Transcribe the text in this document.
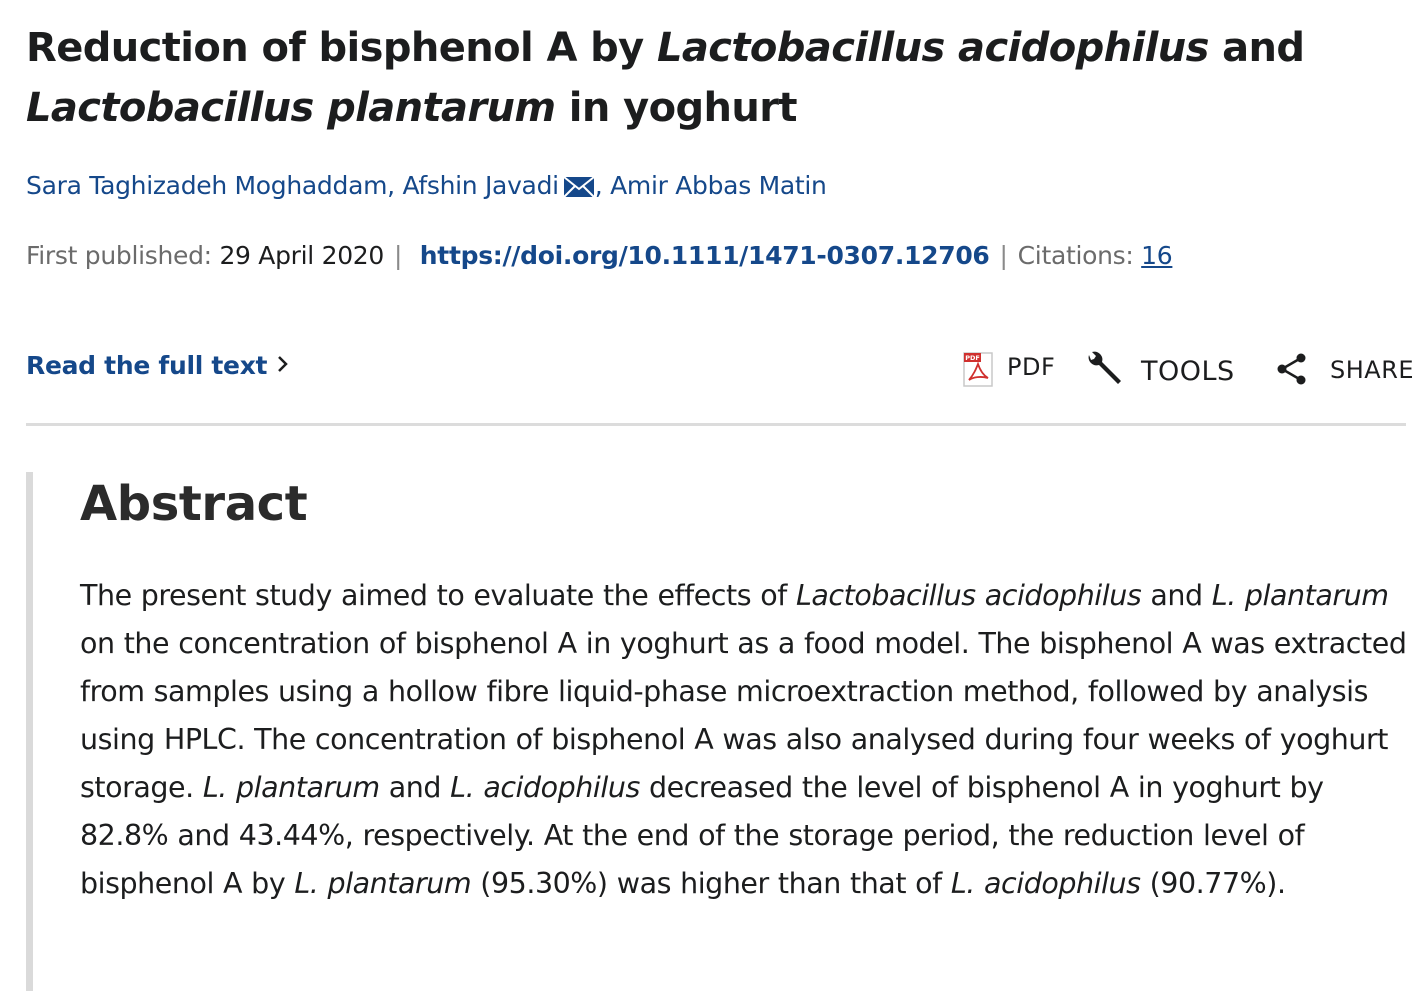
Reduction of bisphenol A by Lactobacillus acidophilus and
Lactobacillus plantarum in yoghurt
Sara Taghizadeh Moghaddam, Afshin Javadi , Amir Abbas Matin
First published: 29 April 2020 | https://doi.org/10.1111/1471-0307.12706 | Citations: 16
Read the full text	PDF PDF	TOOLS	SHARE
Abstract

The present study aimed to evaluate the effects of Lactobacillus acidophilus and L. plantarum on the concentration of bisphenol A in yoghurt as a food model. The bisphenol A was extracted from samples using a hollow fibre liquid-phase microextraction method, followed by analysis using HPLC. The concentration of bisphenol A was also analysed during four weeks of yoghurt storage. L. plantarum and L. acidophilus decreased the level of bisphenol A in yoghurt by 82.8% and 43.44%, respectively. At the end of the storage period, the reduction level of bisphenol A by L. plantarum (95.30%) was higher than that of L. acidophilus (90.77%).
